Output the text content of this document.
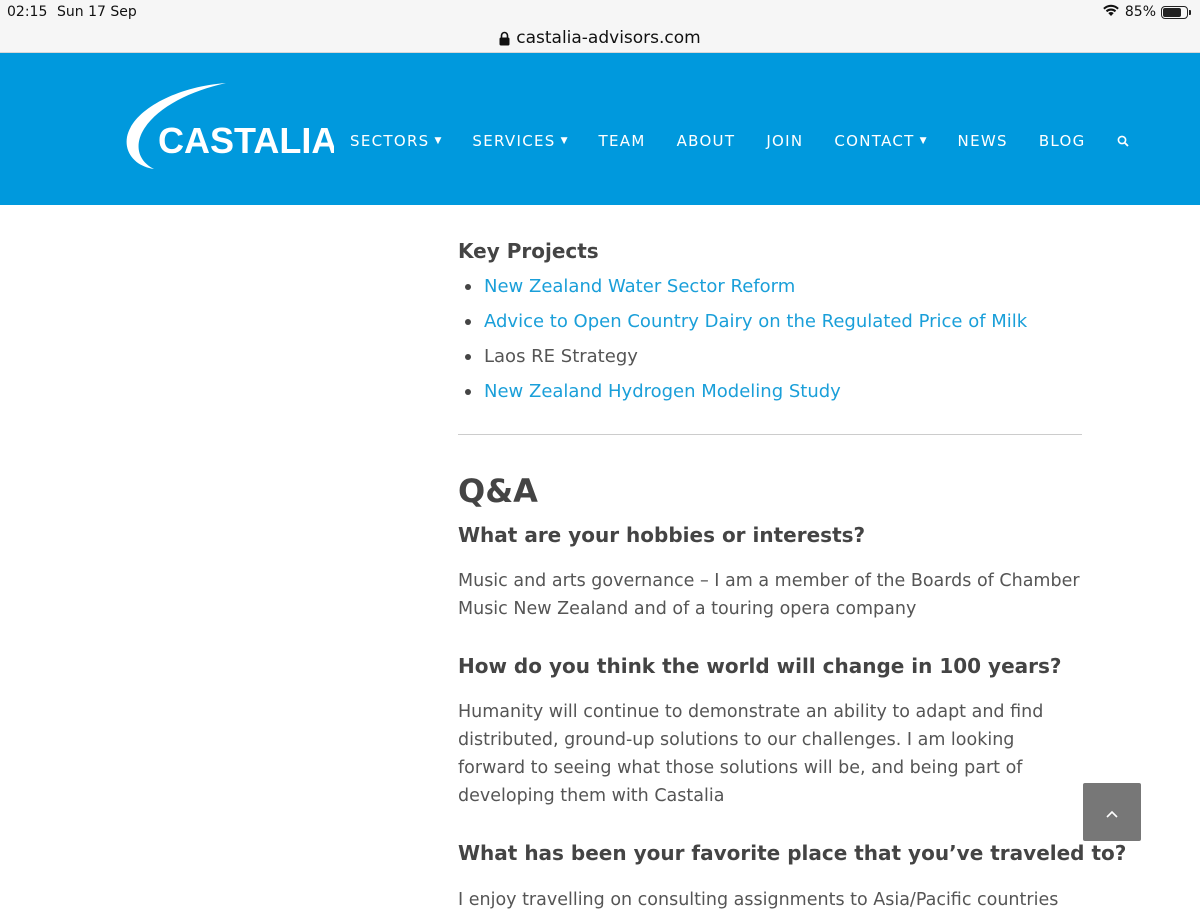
02:15 Sun 17 Sep	85%
castalia-advisors.com
CASTALIA SECTORS ▼ SERVICES ▼ TEAM ABOUT JOIN CONTACT ▼ NEWS BLOG
Key Projects
New Zealand Water Sector Reform
Advice to Open Country Dairy on the Regulated Price of Milk
Laos RE Strategy
New Zealand Hydrogen Modeling Study
Q&A
What are your hobbies or interests?
Music and arts governance – I am a member of the Boards of Chamber Music New Zealand and of a touring opera company
How do you think the world will change in 100 years?
Humanity will continue to demonstrate an ability to adapt and find distributed, ground-up solutions to our challenges. I am looking forward to seeing what those solutions will be, and being part of developing them with Castalia
What has been your favorite place that you’ve traveled to?
I enjoy travelling on consulting assignments to Asia/Pacific countries
